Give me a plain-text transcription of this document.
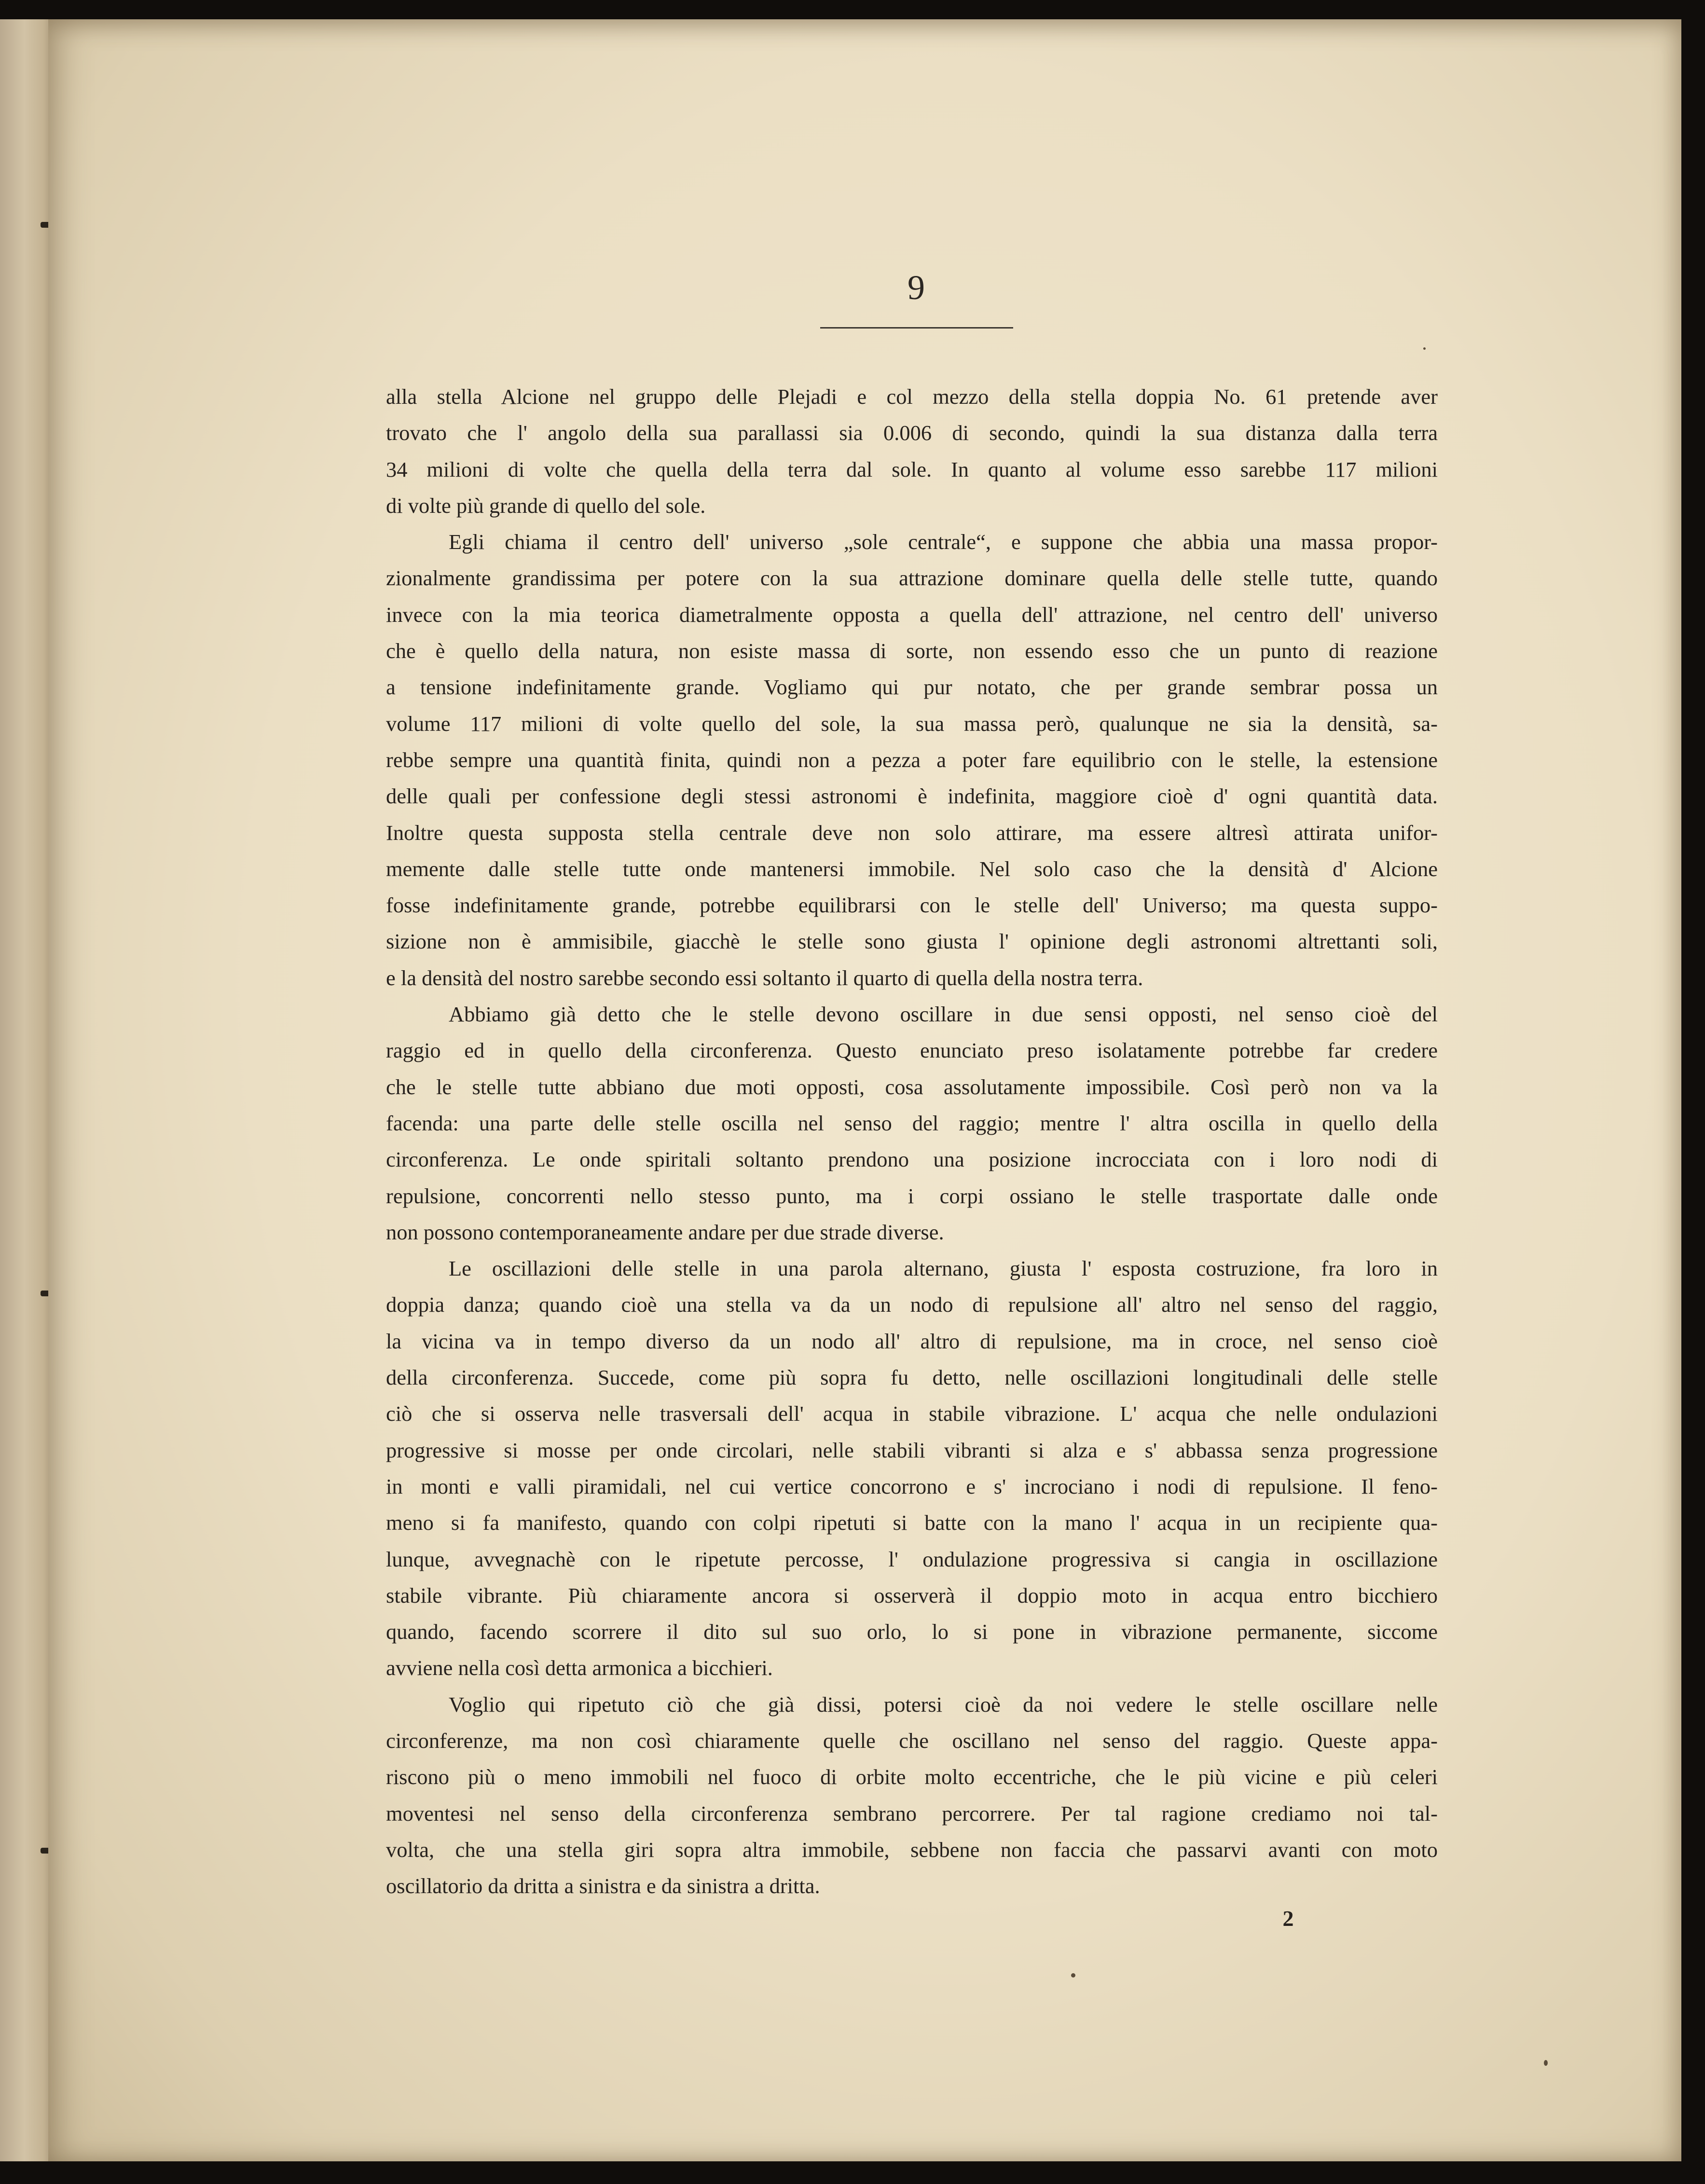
9
alla stella Alcione nel gruppo delle Plejadi e col mezzo della stella doppia No. 61 pretende aver
trovato che l' angolo della sua parallassi sia 0.006 di secondo, quindi la sua distanza dalla terra
34 milioni di volte che quella della terra dal sole. In quanto al volume esso sarebbe 117 milioni
di volte più grande di quello del sole.
Egli chiama il centro dell' universo „sole centrale“, e suppone che abbia una massa propor-
zionalmente grandissima per potere con la sua attrazione dominare quella delle stelle tutte, quando
invece con la mia teorica diametralmente opposta a quella dell' attrazione, nel centro dell' universo
che è quello della natura, non esiste massa di sorte, non essendo esso che un punto di reazione
a tensione indefinitamente grande. Vogliamo qui pur notato, che per grande sembrar possa un
volume 117 milioni di volte quello del sole, la sua massa però, qualunque ne sia la densità, sa-
rebbe sempre una quantità finita, quindi non a pezza a poter fare equilibrio con le stelle, la estensione
delle quali per confessione degli stessi astronomi è indefinita, maggiore cioè d' ogni quantità data.
Inoltre questa supposta stella centrale deve non solo attirare, ma essere altresì attirata unifor-
memente dalle stelle tutte onde mantenersi immobile. Nel solo caso che la densità d' Alcione
fosse indefinitamente grande, potrebbe equilibrarsi con le stelle dell' Universo; ma questa suppo-
sizione non è ammisibile, giacchè le stelle sono giusta l' opinione degli astronomi altrettanti soli,
e la densità del nostro sarebbe secondo essi soltanto il quarto di quella della nostra terra.
Abbiamo già detto che le stelle devono oscillare in due sensi opposti, nel senso cioè del
raggio ed in quello della circonferenza. Questo enunciato preso isolatamente potrebbe far credere
che le stelle tutte abbiano due moti opposti, cosa assolutamente impossibile. Così però non va la
facenda: una parte delle stelle oscilla nel senso del raggio; mentre l' altra oscilla in quello della
circonferenza. Le onde spiritali soltanto prendono una posizione incrocciata con i loro nodi di
repulsione, concorrenti nello stesso punto, ma i corpi ossiano le stelle trasportate dalle onde
non possono contemporaneamente andare per due strade diverse.
Le oscillazioni delle stelle in una parola alternano, giusta l' esposta costruzione, fra loro in
doppia danza; quando cioè una stella va da un nodo di repulsione all' altro nel senso del raggio,
la vicina va in tempo diverso da un nodo all' altro di repulsione, ma in croce, nel senso cioè
della circonferenza. Succede, come più sopra fu detto, nelle oscillazioni longitudinali delle stelle
ciò che si osserva nelle trasversali dell' acqua in stabile vibrazione. L' acqua che nelle ondulazioni
progressive si mosse per onde circolari, nelle stabili vibranti si alza e s' abbassa senza progressione
in monti e valli piramidali, nel cui vertice concorrono e s' incrociano i nodi di repulsione. Il feno-
meno si fa manifesto, quando con colpi ripetuti si batte con la mano l' acqua in un recipiente qua-
lunque, avvegnachè con le ripetute percosse, l' ondulazione progressiva si cangia in oscillazione
stabile vibrante. Più chiaramente ancora si osserverà il doppio moto in acqua entro bicchiero
quando, facendo scorrere il dito sul suo orlo, lo si pone in vibrazione permanente, siccome
avviene nella così detta armonica a bicchieri.
Voglio qui ripetuto ciò che già dissi, potersi cioè da noi vedere le stelle oscillare nelle
circonferenze, ma non così chiaramente quelle che oscillano nel senso del raggio. Queste appa-
riscono più o meno immobili nel fuoco di orbite molto eccentriche, che le più vicine e più celeri
moventesi nel senso della circonferenza sembrano percorrere. Per tal ragione crediamo noi tal-
volta, che una stella giri sopra altra immobile, sebbene non faccia che passarvi avanti con moto
oscillatorio da dritta a sinistra e da sinistra a dritta.
2
